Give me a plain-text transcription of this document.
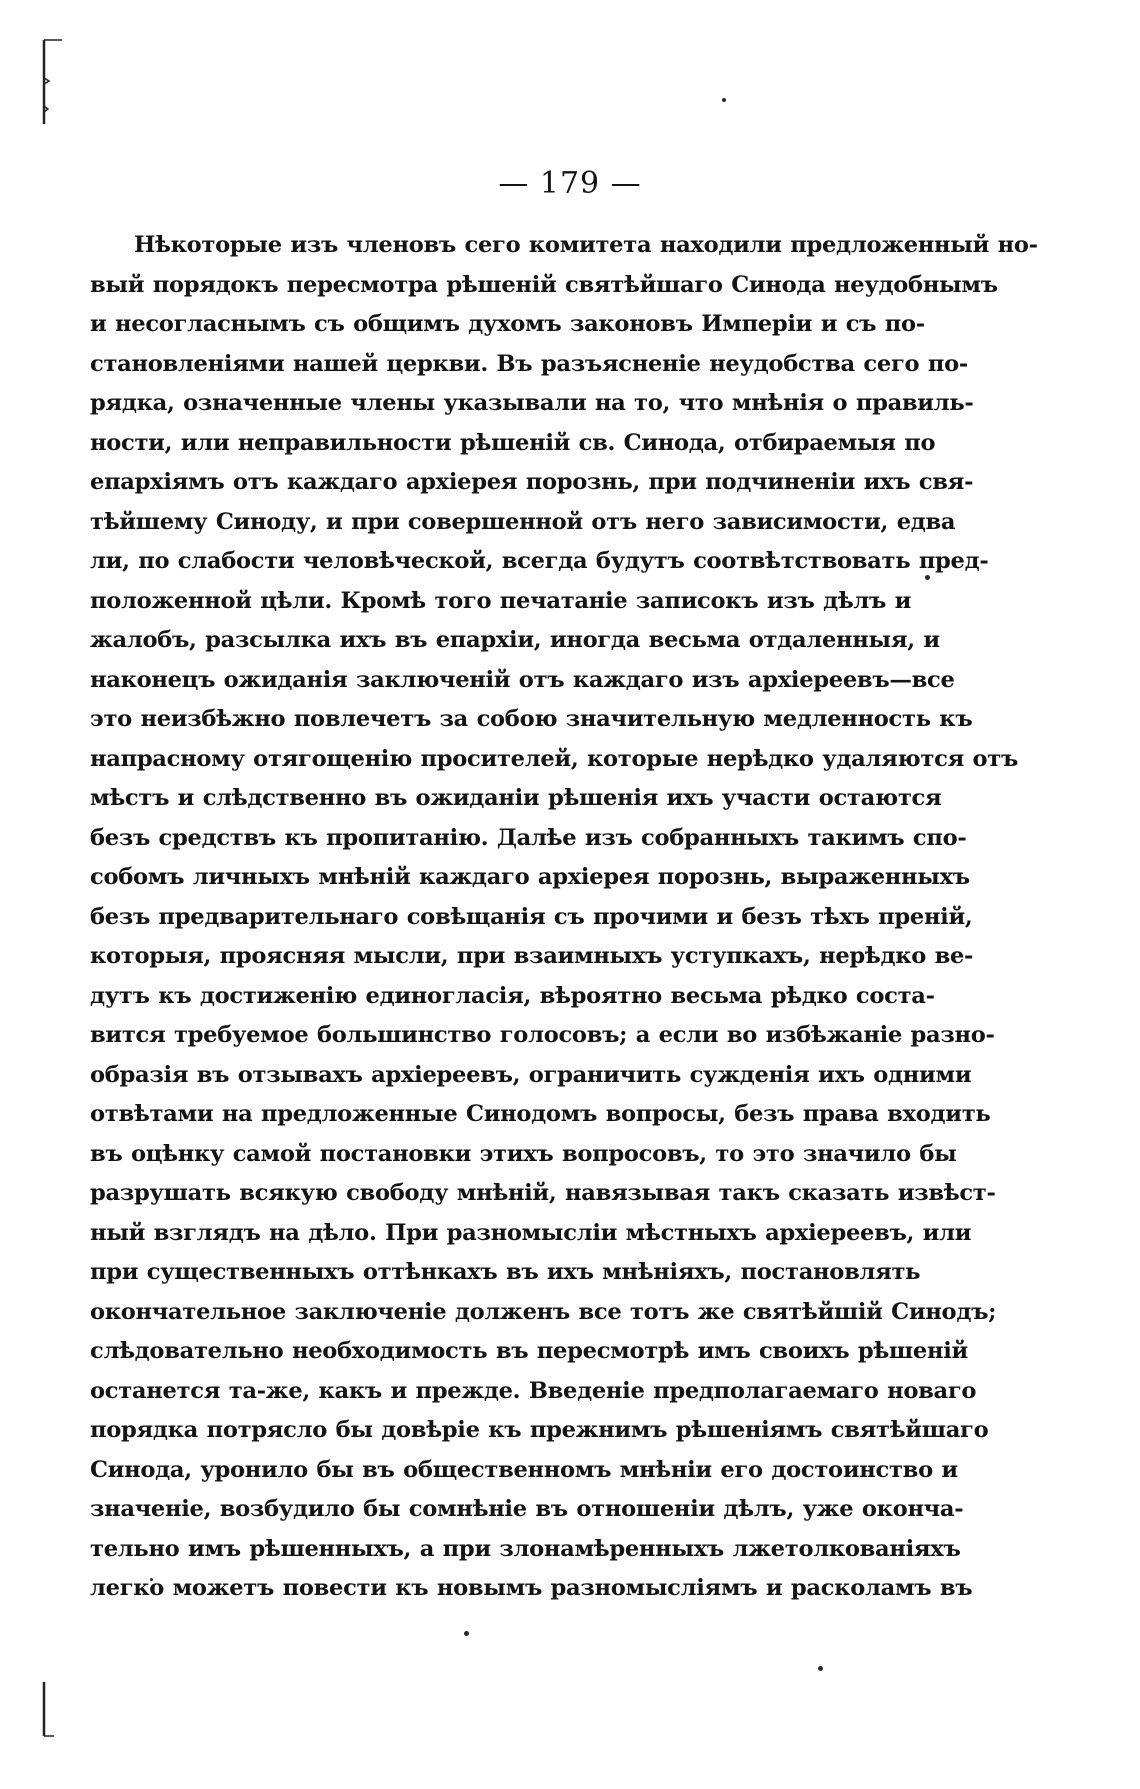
— 179 —
Нѣкоторые изъ членовъ сего комитета находили предложенный но-
вый порядокъ пересмотра рѣшеній святѣйшаго Синода неудобнымъ
и несогласнымъ съ общимъ духомъ законовъ Имперіи и съ по-
становленіями нашей церкви. Въ разъясненіе неудобства сего по-
рядка, означенные члены указывали на то, что мнѣнія о правиль-
ности, или неправильности рѣшеній св. Синода, отбираемыя по
епархіямъ отъ каждаго архіерея порознь, при подчиненіи ихъ свя-
тѣйшему Синоду, и при совершенной отъ него зависимости, едва
ли, по слабости человѣческой, всегда будутъ соотвѣтствовать пред-
положенной цѣли. Кромѣ того печатаніе записокъ изъ дѣлъ и
жалобъ, разсылка ихъ въ епархіи, иногда весьма отдаленныя, и
наконецъ ожиданія заключеній отъ каждаго изъ архіереевъ—все
это неизбѣжно повлечетъ за собою значительную медленность къ
напрасному отягощенію просителей, которые нерѣдко удаляются отъ
мѣстъ и слѣдственно въ ожиданіи рѣшенія ихъ участи остаются
безъ средствъ къ пропитанію. Далѣе изъ собранныхъ такимъ спо-
собомъ личныхъ мнѣній каждаго архіерея порознь, выраженныхъ
безъ предварительнаго совѣщанія съ прочими и безъ тѣхъ преній,
которыя, проясняя мысли, при взаимныхъ уступкахъ, нерѣдко ве-
дутъ къ достиженію единогласія, вѣроятно весьма рѣдко соста-
вится требуемое большинство голосовъ; а если во избѣжаніе разно-
образія въ отзывахъ архіереевъ, ограничить сужденія ихъ одними
отвѣтами на предложенные Синодомъ вопросы, безъ права входить
въ оцѣнку самой постановки этихъ вопросовъ, то это значило бы
разрушать всякую свободу мнѣній, навязывая такъ сказать извѣст-
ный взглядъ на дѣло. При разномысліи мѣстныхъ архіереевъ, или
при существенныхъ оттѣнкахъ въ ихъ мнѣніяхъ, постановлять
окончательное заключеніе долженъ все тотъ же святѣйшій Синодъ;
слѣдовательно необходимость въ пересмотрѣ имъ своихъ рѣшеній
останется та-же, какъ и прежде. Введеніе предполагаемаго новаго
порядка потрясло бы довѣріе къ прежнимъ рѣшеніямъ святѣйшаго
Синода, уронило бы въ общественномъ мнѣніи его достоинство и
значеніе, возбудило бы сомнѣніе въ отношеніи дѣлъ, уже оконча-
тельно имъ рѣшенныхъ, а при злонамѣренныхъ лжетолкованіяхъ
легко можетъ повести къ новымъ разномысліямъ и расколамъ въ
